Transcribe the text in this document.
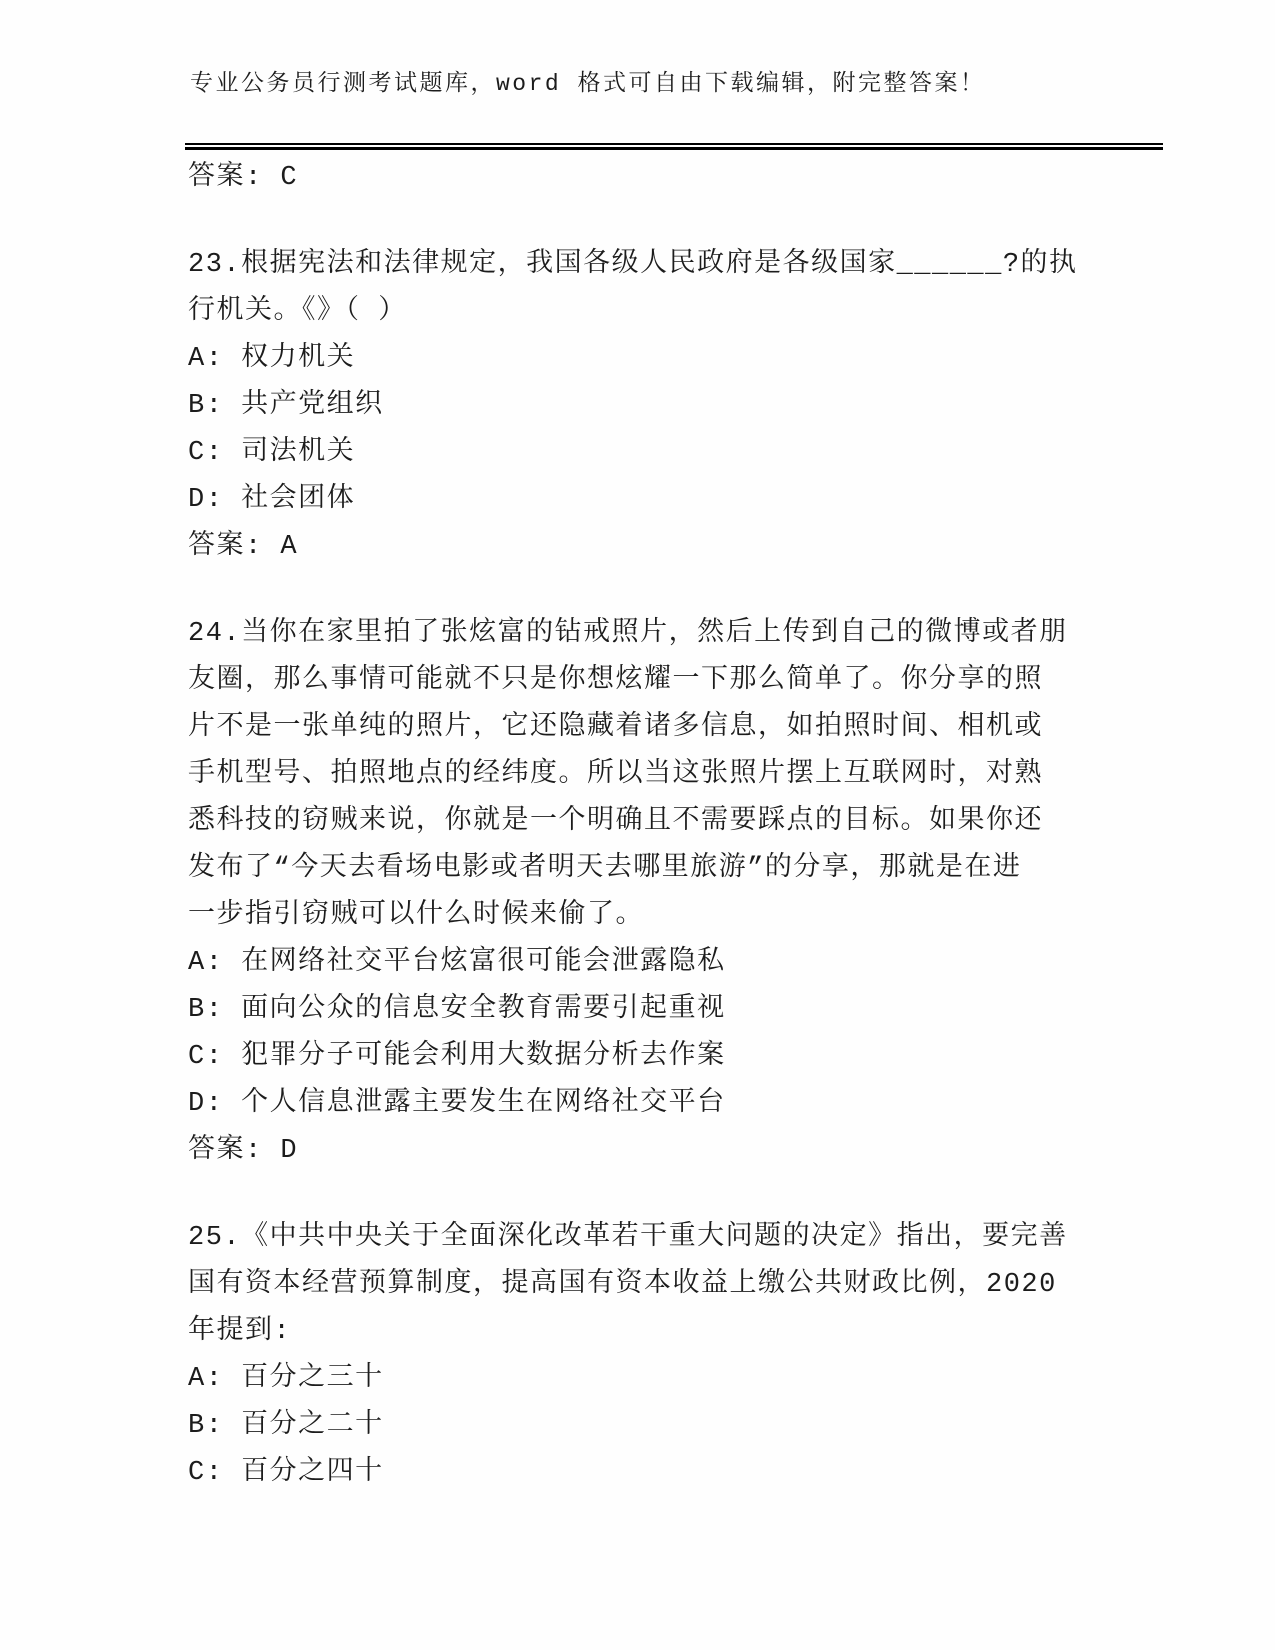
专业公务员行测考试题库，word 格式可自由下载编辑，附完整答案！
答案: C
23.根据宪法和法律规定，我国各级人民政府是各级国家______?的执
行机关。《》（ ）
A: 权力机关
B: 共产党组织
C: 司法机关
D: 社会团体
答案: A
24.当你在家里拍了张炫富的钻戒照片，然后上传到自己的微博或者朋
友圈，那么事情可能就不只是你想炫耀一下那么简单了。你分享的照
片不是一张单纯的照片，它还隐藏着诸多信息，如拍照时间、相机或
手机型号、拍照地点的经纬度。所以当这张照片摆上互联网时，对熟
悉科技的窃贼来说，你就是一个明确且不需要踩点的目标。如果你还
发布了“今天去看场电影或者明天去哪里旅游”的分享，那就是在进
一步指引窃贼可以什么时候来偷了。
A: 在网络社交平台炫富很可能会泄露隐私
B: 面向公众的信息安全教育需要引起重视
C: 犯罪分子可能会利用大数据分析去作案
D: 个人信息泄露主要发生在网络社交平台
答案: D
25.《中共中央关于全面深化改革若干重大问题的决定》指出，要完善
国有资本经营预算制度，提高国有资本收益上缴公共财政比例，2020
年提到:
A: 百分之三十
B: 百分之二十
C: 百分之四十
